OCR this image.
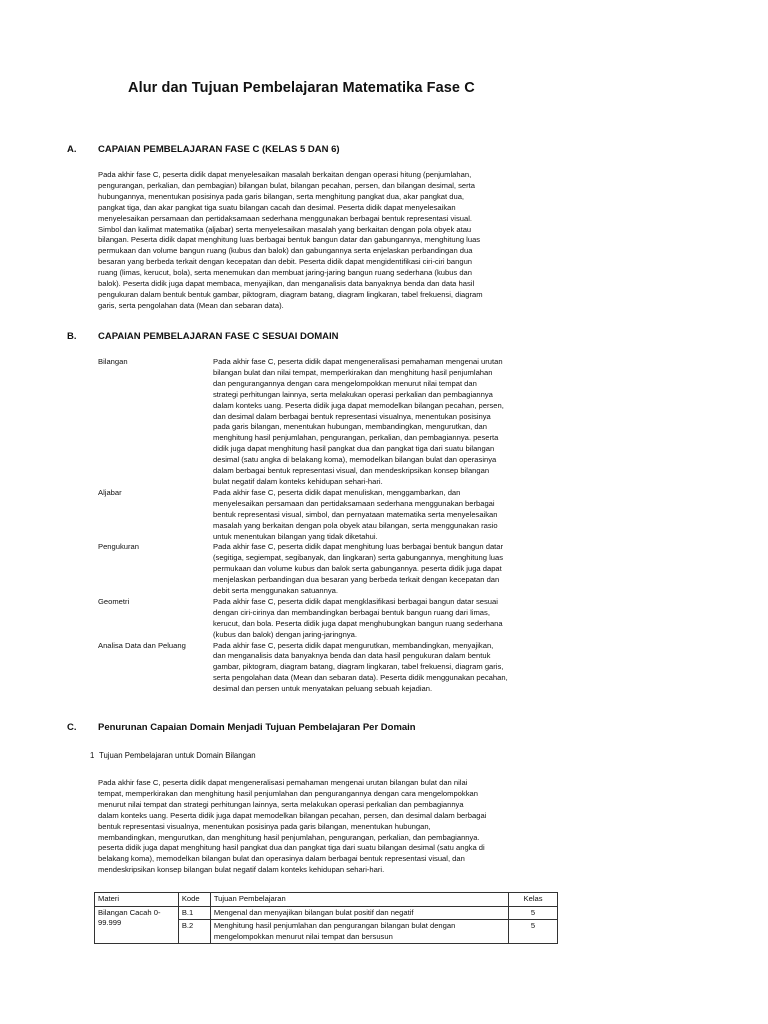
Alur dan Tujuan Pembelajaran Matematika Fase C
A. CAPAIAN PEMBELAJARAN FASE C (KELAS 5 DAN 6)

Pada akhir fase C, peserta didik dapat menyelesaikan masalah berkaitan dengan operasi hitung (penjumlahan,

pengurangan, perkalian, dan pembagian) bilangan bulat, bilangan pecahan, persen, dan bilangan desimal, serta

hubungannya, menentukan posisinya pada garis bilangan, serta menghitung pangkat dua, akar pangkat dua,

pangkat tiga, dan akar pangkat tiga suatu bilangan cacah dan desimal. Peserta didik dapat menyelesaikan

menyelesaikan persamaan dan pertidaksamaan sederhana menggunakan berbagai bentuk representasi visual.

Simbol dan kalimat matematika (aljabar) serta menyelesaikan masalah yang berkaitan dengan pola obyek atau

bilangan. Peserta didik dapat menghitung luas berbagai bentuk bangun datar dan gabungannya, menghitung luas

permukaan dan volume bangun ruang (kubus dan balok) dan gabungannya serta enjelaskan perbandingan dua

besaran yang berbeda terkait dengan kecepatan dan debit. Peserta didik dapat mengidentifikasi ciri-ciri bangun

ruang (limas, kerucut, bola), serta menemukan dan membuat jaring-jaring bangun ruang sederhana (kubus dan

balok). Peserta didik juga dapat membaca, menyajikan, dan menganalisis data banyaknya benda dan data hasil

pengukuran dalam bentuk bentuk gambar, piktogram, diagram batang, diagram lingkaran, tabel frekuensi, diagram

garis, serta pengolahan data (Mean dan sebaran data).

B. CAPAIAN PEMBELAJARAN FASE C SESUAI DOMAIN
Bilangan	Pada akhir fase C, peserta didik dapat mengeneralisasi pemahaman mengenai urutan
bilangan bulat dan nilai tempat, memperkirakan dan menghitung hasil penjumlahan
dan pengurangannya dengan cara mengelompokkan menurut nilai tempat dan
strategi perhitungan lainnya, serta melakukan operasi perkalian dan pembagiannya
dalam konteks uang. Peserta didik juga dapat memodelkan bilangan pecahan, persen,
dan desimal dalam berbagai bentuk representasi visualnya, menentukan posisinya
pada garis bilangan, menentukan hubungan, membandingkan, mengurutkan, dan
menghitung hasil penjumlahan, pengurangan, perkalian, dan pembagiannya. peserta
didik juga dapat menghitung hasil pangkat dua dan pangkat tiga dari suatu bilangan
desimal (satu angka di belakang koma), memodelkan bilangan bulat dan operasinya
dalam berbagai bentuk representasi visual, dan mendeskripsikan konsep bilangan
bulat negatif dalam konteks kehidupan sehari-hari.
Aljabar	Pada akhir fase C, peserta didik dapat menuliskan, menggambarkan, dan
menyelesaikan persamaan dan pertidaksamaan sederhana menggunakan berbagai
bentuk representasi visual, simbol, dan pernyataan matematika serta menyelesaikan
masalah yang berkaitan dengan pola obyek atau bilangan, serta menggunakan rasio
untuk menentukan bilangan yang tidak diketahui.
Pengukuran	Pada akhir fase C, peserta didik dapat menghitung luas berbagai bentuk bangun datar
(segitiga, segiempat, segibanyak, dan lingkaran) serta gabungannya, menghitung luas
permukaan dan volume kubus dan balok serta gabungannya. peserta didik juga dapat
menjelaskan perbandingan dua besaran yang berbeda terkait dengan kecepatan dan
debit serta menggunakan satuannya.
Geometri	Pada akhir fase C, peserta didik dapat mengklasifikasi berbagai bangun datar sesuai
dengan ciri-cirinya dan membandingkan berbagai bentuk bangun ruang dari limas,
kerucut, dan bola. Peserta didik juga dapat menghubungkan bangun ruang sederhana
(kubus dan balok) dengan jaring-jaringnya.
Analisa Data dan Peluang	Pada akhir fase C, peserta didik dapat mengurutkan, membandingkan, menyajikan,
dan menganalisis data banyaknya benda dan data hasil pengukuran dalam bentuk
gambar, piktogram, diagram batang, diagram lingkaran, tabel frekuensi, diagram garis,
serta pengolahan data (Mean dan sebaran data). Peserta didik menggunakan pecahan,
desimal dan persen untuk menyatakan peluang sebuah kejadian.
C. Penurunan Capaian Domain Menjadi Tujuan Pembelajaran Per Domain
1 Tujuan Pembelajaran untuk Domain Bilangan

Pada akhir fase C, peserta didik dapat mengeneralisasi pemahaman mengenai urutan bilangan bulat dan nilai

tempat, memperkirakan dan menghitung hasil penjumlahan dan pengurangannya dengan cara mengelompokkan

menurut nilai tempat dan strategi perhitungan lainnya, serta melakukan operasi perkalian dan pembagiannya

dalam konteks uang. Peserta didik juga dapat memodelkan bilangan pecahan, persen, dan desimal dalam berbagai

bentuk representasi visualnya, menentukan posisinya pada garis bilangan, menentukan hubungan,

membandingkan, mengurutkan, dan menghitung hasil penjumlahan, pengurangan, perkalian, dan pembagiannya.

peserta didik juga dapat menghitung hasil pangkat dua dan pangkat tiga dari suatu bilangan desimal (satu angka di

belakang koma), memodelkan bilangan bulat dan operasinya dalam berbagai bentuk representasi visual, dan

mendeskripsikan konsep bilangan bulat negatif dalam konteks kehidupan sehari-hari.

Materi	Kode	Tujuan Pembelajaran	Kelas
Bilangan Cacah 0-99.999	B.1	Mengenal dan menyajikan bilangan bulat positif dan negatif	5
	B.2	Menghitung hasil penjumlahan dan pengurangan bilangan bulat dengan mengelompokkan menurut nilai tempat dan bersusun	5
